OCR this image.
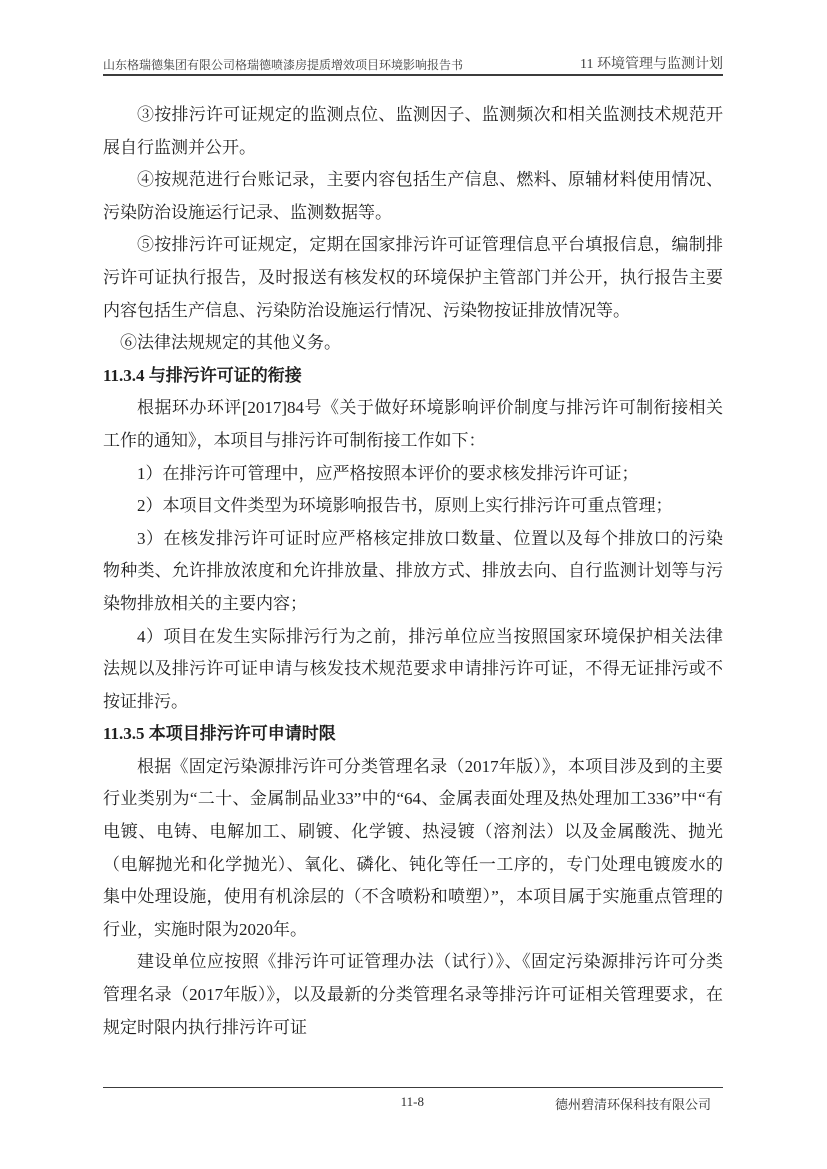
山东格瑞德集团有限公司格瑞德喷漆房提质增效项目环境影响报告书	11 环境管理与监测计划

③按排污许可证规定的监测点位、监测因子、监测频次和相关监测技术规范开展自行监测并公开。

④按规范进行台账记录，主要内容包括生产信息、燃料、原辅材料使用情况、污染防治设施运行记录、监测数据等。

⑤按排污许可证规定，定期在国家排污许可证管理信息平台填报信息，编制排污许可证执行报告，及时报送有核发权的环境保护主管部门并公开，执行报告主要内容包括生产信息、污染防治设施运行情况、污染物按证排放情况等。

⑥法律法规规定的其他义务。

11.3.4 与排污许可证的衔接

根据环办环评[2017]84号《关于做好环境影响评价制度与排污许可制衔接相关工作的通知》，本项目与排污许可制衔接工作如下：

1）在排污许可管理中，应严格按照本评价的要求核发排污许可证；

2）本项目文件类型为环境影响报告书，原则上实行排污许可重点管理；

3）在核发排污许可证时应严格核定排放口数量、位置以及每个排放口的污染物种类、允许排放浓度和允许排放量、排放方式、排放去向、自行监测计划等与污染物排放相关的主要内容；

4）项目在发生实际排污行为之前，排污单位应当按照国家环境保护相关法律法规以及排污许可证申请与核发技术规范要求申请排污许可证，不得无证排污或不按证排污。

11.3.5 本项目排污许可申请时限

根据《固定污染源排污许可分类管理名录（2017年版）》，本项目涉及到的主要行业类别为“二十、金属制品业33”中的“64、金属表面处理及热处理加工336”中“有电镀、电铸、电解加工、刷镀、化学镀、热浸镀（溶剂法）以及金属酸洗、抛光（电解抛光和化学抛光）、氧化、磷化、钝化等任一工序的，专门处理电镀废水的集中处理设施，使用有机涂层的（不含喷粉和喷塑）”，本项目属于实施重点管理的行业，实施时限为2020年。

建设单位应按照《排污许可证管理办法（试行）》、《固定污染源排污许可分类管理名录（2017年版）》，以及最新的分类管理名录等排污许可证相关管理要求，在规定时限内执行排污许可证

11-8	德州碧清环保科技有限公司
